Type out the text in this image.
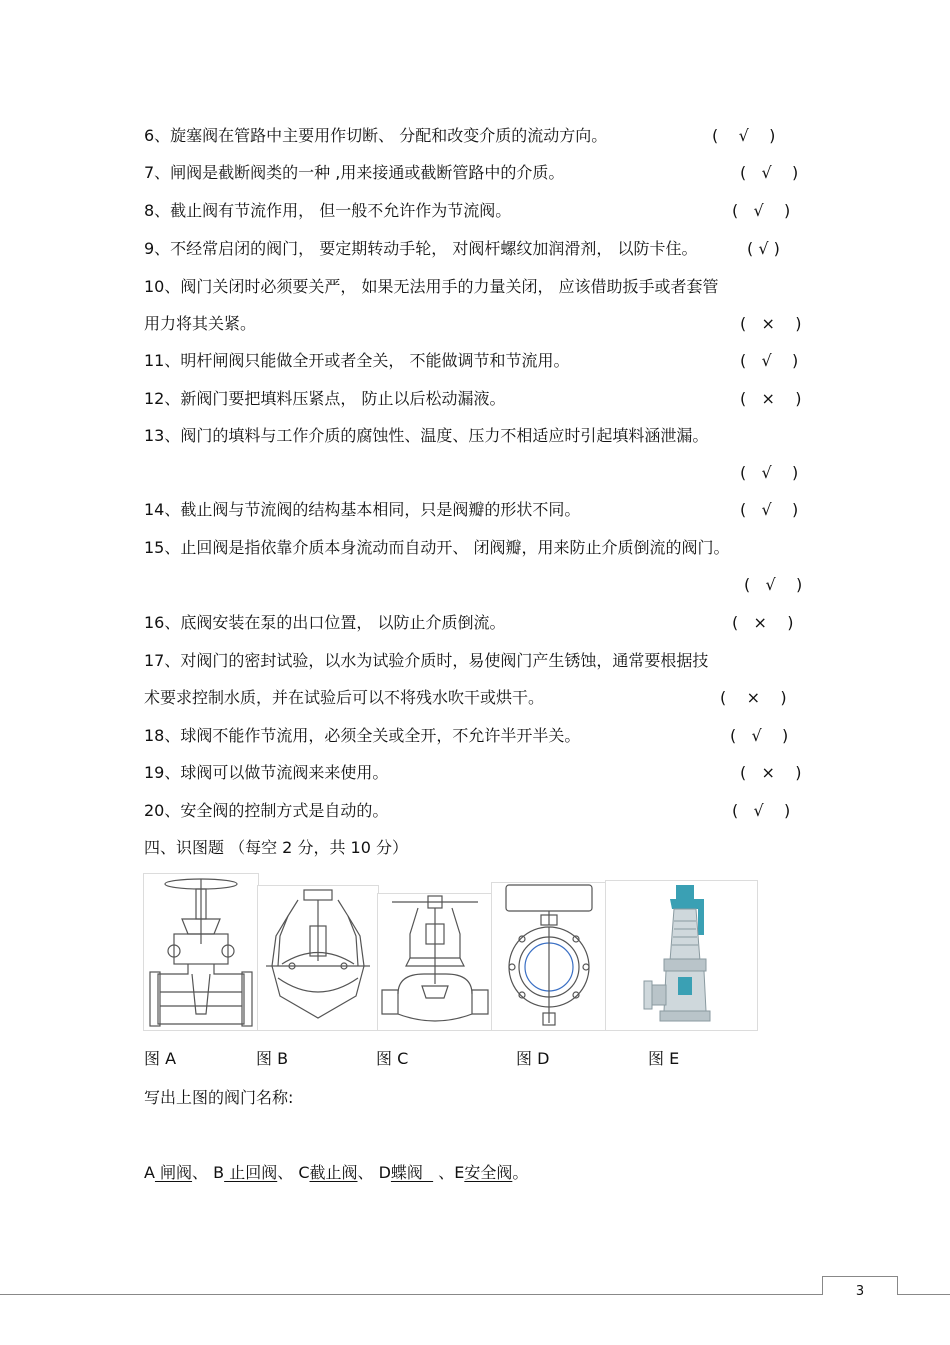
6、旋塞阀在管路中主要用作切断、 分配和改变介质的流动方向。	(    √    )
7、闸阀是截断阀类的一种 ,用来接通或截断管路中的介质。	(   √    )
8、截止阀有节流作用， 但一般不允许作为节流阀。	(   √    )
9、不经常启闭的阀门， 要定期转动手轮， 对阀杆螺纹加润滑剂， 以防卡住。	( √ )
10、阀门关闭时必须要关严， 如果无法用手的力量关闭， 应该借助扳手或者套管
用力将其关紧。	(   ×    )
11、明杆闸阀只能做全开或者全关， 不能做调节和节流用。	(   √    )
12、新阀门要把填料压紧点， 防止以后松动漏液。	(   ×    )
13、阀门的填料与工作介质的腐蚀性、温度、压力不相适应时引起填料涵泄漏。
(   √    )
14、截止阀与节流阀的结构基本相同，只是阀瓣的形状不同。	(   √    )
15、止回阀是指依靠介质本身流动而自动开、 闭阀瓣，用来防止介质倒流的阀门。
(   √    )
16、底阀安装在泵的出口位置， 以防止介质倒流。	(   ×    )
17、对阀门的密封试验，以水为试验介质时，易使阀门产生锈蚀，通常要根据技
术要求控制水质，并在试验后可以不将残水吹干或烘干。	(    ×    )
18、球阀不能作节流用，必须全关或全开，不允许半开半关。	(   √    )
19、球阀可以做节流阀来来使用。	(   ×    )
20、安全阀的控制方式是自动的。	(   √    )
四、识图题 （每空 2 分，共 10 分）
图 A	图 B	图 C	图 D	图 E
写出上图的阀门名称:
A 闸阀、 B 止回阀、 C截止阀、 D蝶阀   、E安全阀。
3
